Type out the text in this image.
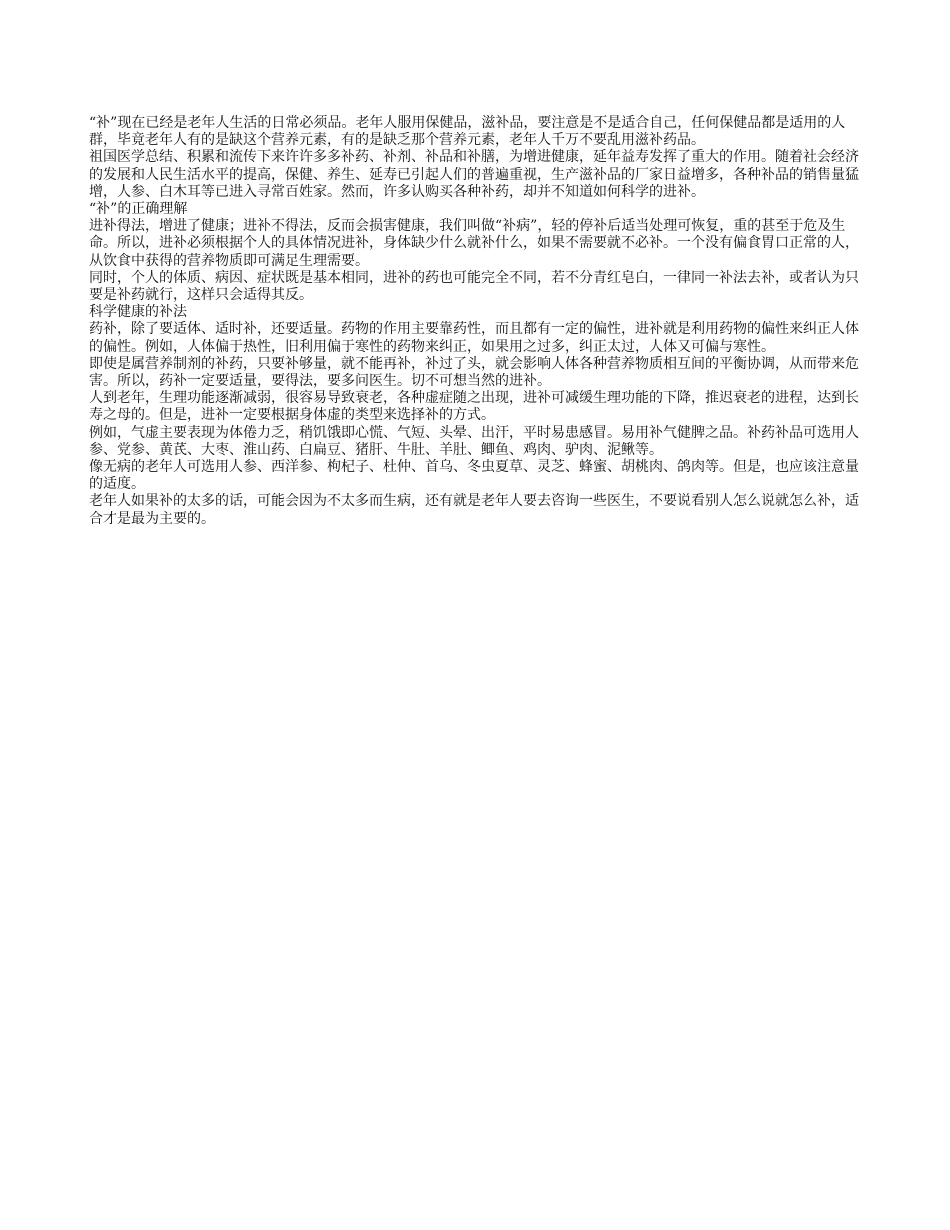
“补”现在已经是老年人生活的日常必须品。老年人服用保健品，滋补品，要注意是不是适合自己，任何保健品都是适用的人群，毕竟老年人有的是缺这个营养元素，有的是缺乏那个营养元素，老年人千万不要乱用滋补药品。

祖国医学总结、积累和流传下来许许多多补药、补剂、补品和补膳，为增进健康，延年益寿发挥了重大的作用。随着社会经济的发展和人民生活水平的提高，保健、养生、延寿已引起人们的普遍重视，生产滋补品的厂家日益增多，各种补品的销售量猛增，人参、白木耳等已进入寻常百姓家。然而，许多认购买各种补药，却并不知道如何科学的进补。

“补”的正确理解

进补得法，增进了健康；进补不得法，反而会损害健康，我们叫做“补病”，轻的停补后适当处理可恢复，重的甚至于危及生命。所以，进补必须根据个人的具体情况进补，身体缺少什么就补什么，如果不需要就不必补。一个没有偏食胃口正常的人，从饮食中获得的营养物质即可满足生理需要。

同时，个人的体质、病因、症状既是基本相同，进补的药也可能完全不同，若不分青红皂白，一律同一补法去补，或者认为只要是补药就行，这样只会适得其反。

科学健康的补法

药补，除了要适体、适时补，还要适量。药物的作用主要靠药性，而且都有一定的偏性，进补就是利用药物的偏性来纠正人体的偏性。例如，人体偏于热性，旧利用偏于寒性的药物来纠正，如果用之过多，纠正太过，人体又可偏与寒性。

即使是属营养制剂的补药，只要补够量，就不能再补，补过了头，就会影响人体各种营养物质相互间的平衡协调，从而带来危害。所以，药补一定要适量，要得法，要多问医生。切不可想当然的进补。

人到老年，生理功能逐渐减弱，很容易导致衰老，各种虚症随之出现，进补可减缓生理功能的下降，推迟衰老的进程，达到长寿之母的。但是，进补一定要根据身体虚的类型来选择补的方式。

例如，气虚主要表现为体倦力乏，稍饥饿即心慌、气短、头晕、出汗，平时易患感冒。易用补气健脾之品。补药补品可选用人参、党参、黄芪、大枣、淮山药、白扁豆、猪肝、牛肚、羊肚、鲫鱼、鸡肉、驴肉、泥鳅等。

像无病的老年人可选用人参、西洋参、枸杞子、杜仲、首乌、冬虫夏草、灵芝、蜂蜜、胡桃肉、鸽肉等。但是，也应该注意量的适度。

老年人如果补的太多的话，可能会因为不太多而生病，还有就是老年人要去咨询一些医生，不要说看别人怎么说就怎么补，适合才是最为主要的。
